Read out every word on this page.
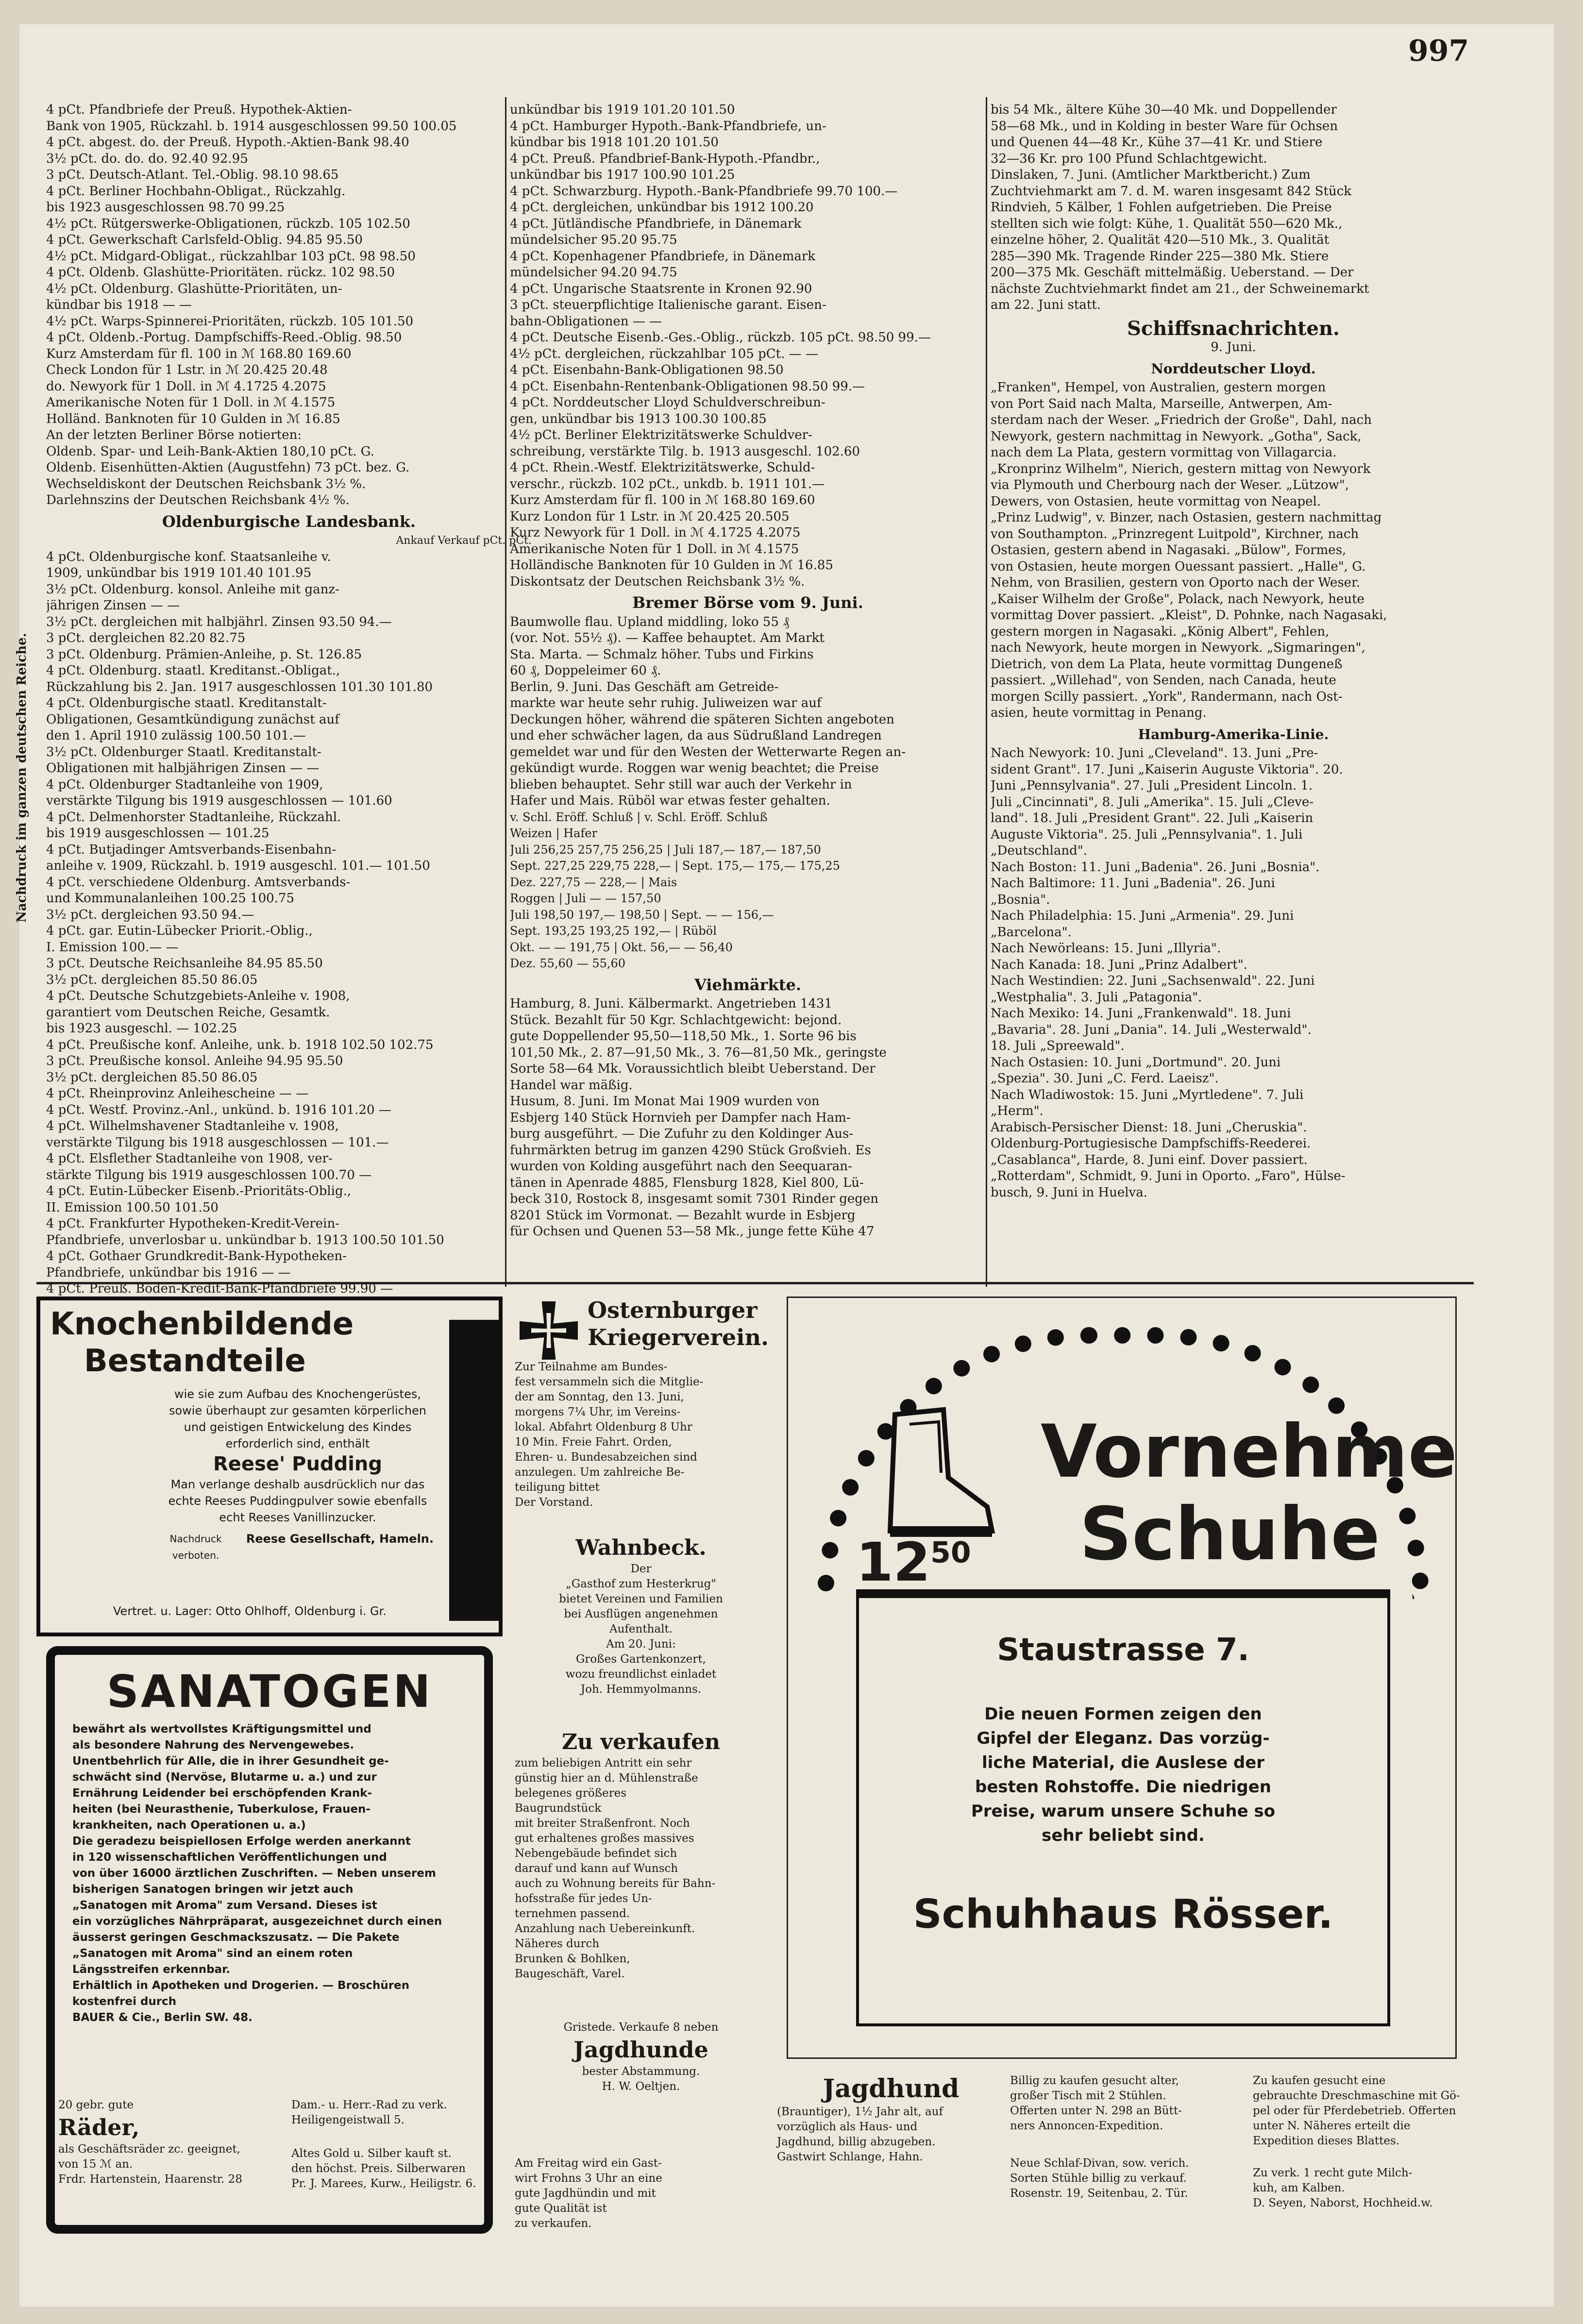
997
Nachdruck im ganzen deutschen Reiche.
4 pCt. Pfandbriefe der Preuß. Hypothek-Aktien-
Bank von 1905, Rückzahl. b. 1914 ausgeschlossen 99.50 100.05
4 pCt. abgest. do. der Preuß. Hypoth.-Aktien-Bank 98.40
3½ pCt. do. do. do. 92.40 92.95
3 pCt. Deutsch-Atlant. Tel.-Oblig. 98.10 98.65
4 pCt. Berliner Hochbahn-Obligat., Rückzahlg.
bis 1923 ausgeschlossen 98.70 99.25
4½ pCt. Rütgerswerke-Obligationen, rückzb. 105 102.50
4 pCt. Gewerkschaft Carlsfeld-Oblig. 94.85 95.50
4½ pCt. Midgard-Obligat., rückzahlbar 103 pCt. 98 98.50
4 pCt. Oldenb. Glashütte-Prioritäten. rückz. 102 98.50
4½ pCt. Oldenburg. Glashütte-Prioritäten, un-
kündbar bis 1918 — —
4½ pCt. Warps-Spinnerei-Prioritäten, rückzb. 105 101.50
4 pCt. Oldenb.-Portug. Dampfschiffs-Reed.-Oblig. 98.50
Kurz Amsterdam für fl. 100 in ℳ 168.80 169.60
Check London für 1 Lstr. in ℳ 20.425 20.48
do. Newyork für 1 Doll. in ℳ 4.1725 4.2075
Amerikanische Noten für 1 Doll. in ℳ 4.1575
Holländ. Banknoten für 10 Gulden in ℳ 16.85
An der letzten Berliner Börse notierten:
Oldenb. Spar- und Leih-Bank-Aktien 180,10 pCt. G.
Oldenb. Eisenhütten-Aktien (Augustfehn) 73 pCt. bez. G.
Wechseldiskont der Deutschen Reichsbank 3½ %.
Darlehnszins der Deutschen Reichsbank 4½ %.
Oldenburgische Landesbank.
Ankauf Verkauf pCt. pCt.
4 pCt. Oldenburgische konf. Staatsanleihe v.
1909, unkündbar bis 1919 101.40 101.95
3½ pCt. Oldenburg. konsol. Anleihe mit ganz-
jährigen Zinsen — —
3½ pCt. dergleichen mit halbjährl. Zinsen 93.50 94.—
3 pCt. dergleichen 82.20 82.75
3 pCt. Oldenburg. Prämien-Anleihe, p. St. 126.85
4 pCt. Oldenburg. staatl. Kreditanst.-Obligat.,
Rückzahlung bis 2. Jan. 1917 ausgeschlossen 101.30 101.80
4 pCt. Oldenburgische staatl. Kreditanstalt-
Obligationen, Gesamtkündigung zunächst auf
den 1. April 1910 zulässig 100.50 101.—
3½ pCt. Oldenburger Staatl. Kreditanstalt-
Obligationen mit halbjährigen Zinsen — —
4 pCt. Oldenburger Stadtanleihe von 1909,
verstärkte Tilgung bis 1919 ausgeschlossen — 101.60
4 pCt. Delmenhorster Stadtanleihe, Rückzahl.
bis 1919 ausgeschlossen — 101.25
4 pCt. Butjadinger Amtsverbands-Eisenbahn-
anleihe v. 1909, Rückzahl. b. 1919 ausgeschl. 101.— 101.50
4 pCt. verschiedene Oldenburg. Amtsverbands-
und Kommunalanleihen 100.25 100.75
3½ pCt. dergleichen 93.50 94.—
4 pCt. gar. Eutin-Lübecker Priorit.-Oblig.,
I. Emission 100.— —
3 pCt. Deutsche Reichsanleihe 84.95 85.50
3½ pCt. dergleichen 85.50 86.05
4 pCt. Deutsche Schutzgebiets-Anleihe v. 1908,
garantiert vom Deutschen Reiche, Gesamtk.
bis 1923 ausgeschl. — 102.25
4 pCt. Preußische konf. Anleihe, unk. b. 1918 102.50 102.75
3 pCt. Preußische konsol. Anleihe 94.95 95.50
3½ pCt. dergleichen 85.50 86.05
4 pCt. Rheinprovinz Anleihescheine — —
4 pCt. Westf. Provinz.-Anl., unkünd. b. 1916 101.20 —
4 pCt. Wilhelmshavener Stadtanleihe v. 1908,
verstärkte Tilgung bis 1918 ausgeschlossen — 101.—
4 pCt. Elsflether Stadtanleihe von 1908, ver-
stärkte Tilgung bis 1919 ausgeschlossen 100.70 —
4 pCt. Eutin-Lübecker Eisenb.-Prioritäts-Oblig.,
II. Emission 100.50 101.50
4 pCt. Frankfurter Hypotheken-Kredit-Verein-
Pfandbriefe, unverlosbar u. unkündbar b. 1913 100.50 101.50
4 pCt. Gothaer Grundkredit-Bank-Hypotheken-
Pfandbriefe, unkündbar bis 1916 — —
4 pCt. Preuß. Boden-Kredit-Bank-Pfandbriefe 99.90 —
unkündbar bis 1919 101.20 101.50
4 pCt. Hamburger Hypoth.-Bank-Pfandbriefe, un-
kündbar bis 1918 101.20 101.50
4 pCt. Preuß. Pfandbrief-Bank-Hypoth.-Pfandbr.,
unkündbar bis 1917 100.90 101.25
4 pCt. Schwarzburg. Hypoth.-Bank-Pfandbriefe 99.70 100.—
4 pCt. dergleichen, unkündbar bis 1912 100.20
4 pCt. Jütländische Pfandbriefe, in Dänemark
mündelsicher 95.20 95.75
4 pCt. Kopenhagener Pfandbriefe, in Dänemark
mündelsicher 94.20 94.75
4 pCt. Ungarische Staatsrente in Kronen 92.90
3 pCt. steuerpflichtige Italienische garant. Eisen-
bahn-Obligationen — —
4 pCt. Deutsche Eisenb.-Ges.-Oblig., rückzb. 105 pCt. 98.50 99.—
4½ pCt. dergleichen, rückzahlbar 105 pCt. — —
4 pCt. Eisenbahn-Bank-Obligationen 98.50
4 pCt. Eisenbahn-Rentenbank-Obligationen 98.50 99.—
4 pCt. Norddeutscher Lloyd Schuldverschreibun-
gen, unkündbar bis 1913 100.30 100.85
4½ pCt. Berliner Elektrizitätswerke Schuldver-
schreibung, verstärkte Tilg. b. 1913 ausgeschl. 102.60
4 pCt. Rhein.-Westf. Elektrizitätswerke, Schuld-
verschr., rückzb. 102 pCt., unkdb. b. 1911 101.—
Kurz Amsterdam für fl. 100 in ℳ 168.80 169.60
Kurz London für 1 Lstr. in ℳ 20.425 20.505
Kurz Newyork für 1 Doll. in ℳ 4.1725 4.2075
Amerikanische Noten für 1 Doll. in ℳ 4.1575
Holländische Banknoten für 10 Gulden in ℳ 16.85
Diskontsatz der Deutschen Reichsbank 3½ %.
Bremer Börse vom 9. Juni.
Baumwolle flau. Upland middling, loko 55 ₰
(vor. Not. 55½ ₰). — Kaffee behauptet. Am Markt
Sta. Marta. — Schmalz höher. Tubs und Firkins
60 ₰, Doppeleimer 60 ₰.
Berlin, 9. Juni. Das Geschäft am Getreide-
markte war heute sehr ruhig. Juliweizen war auf
Deckungen höher, während die späteren Sichten angeboten
und eher schwächer lagen, da aus Südrußland Landregen
gemeldet war und für den Westen der Wetterwarte Regen an-
gekündigt wurde. Roggen war wenig beachtet; die Preise
blieben behauptet. Sehr still war auch der Verkehr in
Hafer und Mais. Rüböl war etwas fester gehalten.
v. Schl. Eröff. Schluß | v. Schl. Eröff. Schluß
Weizen | Hafer
Juli 256,25 257,75 256,25 | Juli 187,— 187,— 187,50
Sept. 227,25 229,75 228,— | Sept. 175,— 175,— 175,25
Dez. 227,75 — 228,— | Mais
Roggen | Juli — — 157,50
Juli 198,50 197,— 198,50 | Sept. — — 156,—
Sept. 193,25 193,25 192,— | Rüböl
Okt. — — 191,75 | Okt. 56,— — 56,40
Dez. 55,60 — 55,60
Viehmärkte.
Hamburg, 8. Juni. Kälbermarkt. Angetrieben 1431
Stück. Bezahlt für 50 Kgr. Schlachtgewicht: bejond.
gute Doppellender 95,50—118,50 Mk., 1. Sorte 96 bis
101,50 Mk., 2. 87—91,50 Mk., 3. 76—81,50 Mk., geringste
Sorte 58—64 Mk. Voraussichtlich bleibt Ueberstand. Der
Handel war mäßig.
Husum, 8. Juni. Im Monat Mai 1909 wurden von
Esbjerg 140 Stück Hornvieh per Dampfer nach Ham-
burg ausgeführt. — Die Zufuhr zu den Koldinger Aus-
fuhrmärkten betrug im ganzen 4290 Stück Großvieh. Es
wurden von Kolding ausgeführt nach den Seequaran-
tänen in Apenrade 4885, Flensburg 1828, Kiel 800, Lü-
beck 310, Rostock 8, insgesamt somit 7301 Rinder gegen
8201 Stück im Vormonat. — Bezahlt wurde in Esbjerg
für Ochsen und Quenen 53—58 Mk., junge fette Kühe 47
bis 54 Mk., ältere Kühe 30—40 Mk. und Doppellender
58—68 Mk., und in Kolding in bester Ware für Ochsen
und Quenen 44—48 Kr., Kühe 37—41 Kr. und Stiere
32—36 Kr. pro 100 Pfund Schlachtgewicht.
Dinslaken, 7. Juni. (Amtlicher Marktbericht.) Zum
Zuchtviehmarkt am 7. d. M. waren insgesamt 842 Stück
Rindvieh, 5 Kälber, 1 Fohlen aufgetrieben. Die Preise
stellten sich wie folgt: Kühe, 1. Qualität 550—620 Mk.,
einzelne höher, 2. Qualität 420—510 Mk., 3. Qualität
285—390 Mk. Tragende Rinder 225—380 Mk. Stiere
200—375 Mk. Geschäft mittelmäßig. Ueberstand. — Der
nächste Zuchtviehmarkt findet am 21., der Schweinemarkt
am 22. Juni statt.
Schiffsnachrichten.
9. Juni.
Norddeutscher Lloyd.
„Franken", Hempel, von Australien, gestern morgen
von Port Said nach Malta, Marseille, Antwerpen, Am-
sterdam nach der Weser. „Friedrich der Große", Dahl, nach
Newyork, gestern nachmittag in Newyork. „Gotha", Sack,
nach dem La Plata, gestern vormittag von Villagarcia.
„Kronprinz Wilhelm", Nierich, gestern mittag von Newyork
via Plymouth und Cherbourg nach der Weser. „Lützow",
Dewers, von Ostasien, heute vormittag von Neapel.
„Prinz Ludwig", v. Binzer, nach Ostasien, gestern nachmittag
von Southampton. „Prinzregent Luitpold", Kirchner, nach
Ostasien, gestern abend in Nagasaki. „Bülow", Formes,
von Ostasien, heute morgen Ouessant passiert. „Halle", G.
Nehm, von Brasilien, gestern von Oporto nach der Weser.
„Kaiser Wilhelm der Große", Polack, nach Newyork, heute
vormittag Dover passiert. „Kleist", D. Pohnke, nach Nagasaki,
gestern morgen in Nagasaki. „König Albert", Fehlen,
nach Newyork, heute morgen in Newyork. „Sigmaringen",
Dietrich, von dem La Plata, heute vormittag Dungeneß
passiert. „Willehad", von Senden, nach Canada, heute
morgen Scilly passiert. „York", Randermann, nach Ost-
asien, heute vormittag in Penang.
Hamburg-Amerika-Linie.
Nach Newyork: 10. Juni „Cleveland". 13. Juni „Pre-
sident Grant". 17. Juni „Kaiserin Auguste Viktoria". 20.
Juni „Pennsylvania". 27. Juli „President Lincoln. 1.
Juli „Cincinnati", 8. Juli „Amerika". 15. Juli „Cleve-
land". 18. Juli „President Grant". 22. Juli „Kaiserin
Auguste Viktoria". 25. Juli „Pennsylvania". 1. Juli
„Deutschland".
Nach Boston: 11. Juni „Badenia". 26. Juni „Bosnia".
Nach Baltimore: 11. Juni „Badenia". 26. Juni
„Bosnia".
Nach Philadelphia: 15. Juni „Armenia". 29. Juni
„Barcelona".
Nach Newörleans: 15. Juni „Illyria".
Nach Kanada: 18. Juni „Prinz Adalbert".
Nach Westindien: 22. Juni „Sachsenwald". 22. Juni
„Westphalia". 3. Juli „Patagonia".
Nach Mexiko: 14. Juni „Frankenwald". 18. Juni
„Bavaria". 28. Juni „Dania". 14. Juli „Westerwald".
18. Juli „Spreewald".
Nach Ostasien: 10. Juni „Dortmund". 20. Juni
„Spezia". 30. Juni „C. Ferd. Laeisz".
Nach Wladiwostok: 15. Juni „Myrtledene". 7. Juli
„Herm".
Arabisch-Persischer Dienst: 18. Juni „Cheruskia".
Oldenburg-Portugiesische Dampfschiffs-Reederei.
„Casablanca", Harde, 8. Juni einf. Dover passiert.
„Rotterdam", Schmidt, 9. Juni in Oporto. „Faro", Hülse-
busch, 9. Juni in Huelva.
Knochenbildende
Bestandteile
wie sie zum Aufbau des Knochengerüstes, sowie überhaupt zur gesamten körperlichen und geistigen Entwickelung des Kindes erforderlich sind, enthält
Reese' Pudding
Man verlange deshalb ausdrücklich nur das echte Reeses Puddingpulver sowie ebenfalls echt Reeses Vanillinzucker.
Nachdruck verboten.
Reese Gesellschaft, Hameln.
Vertret. u. Lager: Otto Ohlhoff, Oldenburg i. Gr.
SANATOGEN
bewährt als wertvollstes Kräftigungsmittel und
als besondere Nahrung des Nervengewebes.
Unentbehrlich für Alle, die in ihrer Gesundheit ge-
schwächt sind (Nervöse, Blutarme u. a.) und zur
Ernährung Leidender bei erschöpfenden Krank-
heiten (bei Neurasthenie, Tuberkulose, Frauen-
krankheiten, nach Operationen u. a.)
Die geradezu beispiellosen Erfolge werden anerkannt
in 120 wissenschaftlichen Veröffentlichungen und
von über 16000 ärztlichen Zuschriften. — Neben unserem
bisherigen Sanatogen bringen wir jetzt auch
„Sanatogen mit Aroma" zum Versand. Dieses ist
ein vorzügliches Nährpräparat, ausgezeichnet durch einen
äusserst geringen Geschmackszusatz. — Die Pakete
„Sanatogen mit Aroma" sind an einem roten
Längsstreifen erkennbar.
Erhältlich in Apotheken und Drogerien. — Broschüren kostenfrei durch
BAUER & Cie., Berlin SW. 48.
20 gebr. gute
Räder,
als Geschäftsräder zc. geeignet,
von 15 ℳ an.
Frdr. Hartenstein, Haarenstr. 28
Dam.- u. Herr.-Rad zu verk.
Heiligengeistwall 5.
Altes Gold u. Silber kauft st.
den höchst. Preis. Silberwaren
Pr. J. Marees, Kurw., Heiligstr. 6.
Osternburger
Kriegerverein.
Zur Teilnahme am Bundes-
fest versammeln sich die Mitglie-
der am Sonntag, den 13. Juni,
morgens 7¼ Uhr, im Vereins-
lokal. Abfahrt Oldenburg 8 Uhr
10 Min. Freie Fahrt. Orden,
Ehren- u. Bundesabzeichen sind
anzulegen. Um zahlreiche Be-
teiligung bittet
Der Vorstand.
Wahnbeck.
Der
„Gasthof zum Hesterkrug"
bietet Vereinen und Familien
bei Ausflügen angenehmen
Aufenthalt.
Am 20. Juni:
Großes Gartenkonzert,
wozu freundlichst einladet
Joh. Hemmyolmanns.
Zu verkaufen
zum beliebigen Antritt ein sehr
günstig hier an d. Mühlenstraße
belegenes größeres
Baugrundstück
mit breiter Straßenfront. Noch
gut erhaltenes großes massives
Nebengebäude befindet sich
darauf und kann auf Wunsch
auch zu Wohnung bereits für Bahn-
hofsstraße für jedes Un-
ternehmen passend.
Anzahlung nach Uebereinkunft.
Näheres durch
Brunken & Bohlken,
Baugeschäft, Varel.
Gristede. Verkaufe 8 neben
Jagdhunde
bester Abstammung.
H. W. Oeltjen.
Am Freitag wird ein Gast-
wirt Frohns 3 Uhr an eine
gute Jagdhündin und mit
gute Qualität ist
zu verkaufen.
$12^{50}$
Vornehme
Schuhe
Staustrasse 7.
Die neuen Formen zeigen den
Gipfel der Eleganz. Das vorzüg-
liche Material, die Auslese der
besten Rohstoffe. Die niedrigen
Preise, warum unsere Schuhe so
sehr beliebt sind.
Schuhhaus Rösser.
Jagdhund
(Brauntiger), 1½ Jahr alt, auf
vorzüglich als Haus- und
Jagdhund, billig abzugeben.
Gastwirt Schlange, Hahn.
Billig zu kaufen gesucht alter,
großer Tisch mit 2 Stühlen.
Offerten unter N. 298 an Bütt-
ners Annoncen-Expedition.
Neue Schlaf-Divan, sow. verich.
Sorten Stühle billig zu verkauf.
Rosenstr. 19, Seitenbau, 2. Tür.
Zu kaufen gesucht eine
gebrauchte Dreschmaschine mit Gö-
pel oder für Pferdebetrieb. Offerten
unter N. Näheres erteilt die
Expedition dieses Blattes.
Zu verk. 1 recht gute Milch-
kuh, am Kalben.
D. Seyen, Naborst, Hochheid.w.
